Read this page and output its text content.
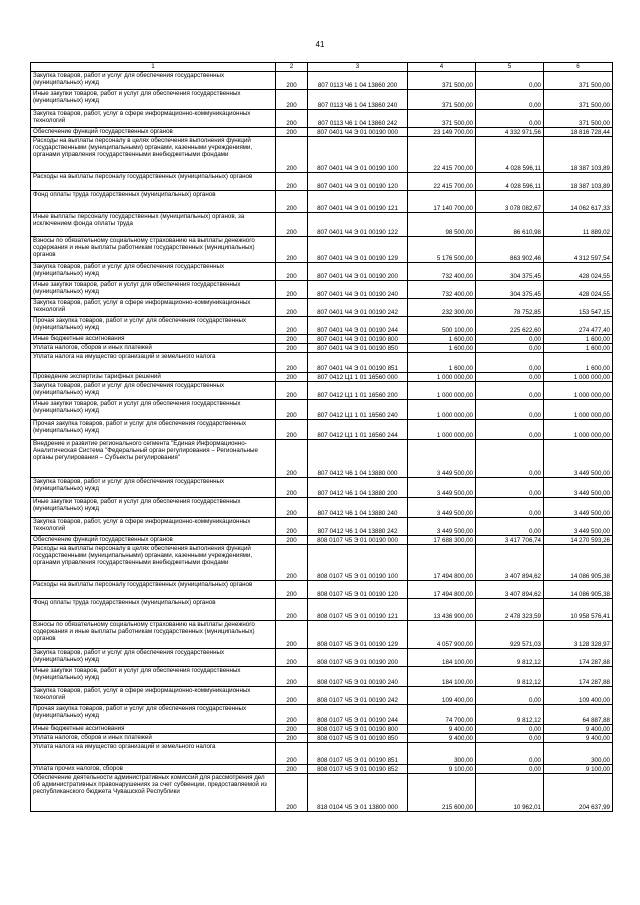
41
1	2	3	4	5	6
Закупка товаров, работ и услуг для обеспечения государственных (муниципальных) нужд	200	807 0113 Ч6 1 04 13860 200	371 500,00	0,00	371 500,00
Иные закупки товаров, работ и услуг для обеспечения государственных (муниципальных) нужд	200	807 0113 Ч6 1 04 13860 240	371 500,00	0,00	371 500,00
Закупка товаров, работ, услуг в сфере информационно-коммуникационных технологий	200	807 0113 Ч6 1 04 13860 242	371 500,00	0,00	371 500,00
Обеспечение функций государственных органов	200	807 0401 Ч4 Э 01 00190 000	23 149 700,00	4 332 971,56	18 816 728,44
Расходы на выплаты персоналу в целях обеспечения выполнения функций государственными (муниципальными) органами, казенными учреждениями, органами управления государственными внебюджетными фондами	200	807 0401 Ч4 Э 01 00190 100	22 415 700,00	4 028 596,11	18 387 103,89
Расходы на выплаты персоналу государственных (муниципальных) органов	200	807 0401 Ч4 Э 01 00190 120	22 415 700,00	4 028 596,11	18 387 103,89
Фонд оплаты труда государственных (муниципальных) органов	200	807 0401 Ч4 Э 01 00190 121	17 140 700,00	3 078 082,67	14 062 617,33
Иные выплаты персоналу государственных (муниципальных) органов, за исключением фонда оплаты труда	200	807 0401 Ч4 Э 01 00190 122	98 500,00	86 610,98	11 889,02
Взносы по обязательному социальному страхованию на выплаты денежного содержания и иные выплаты работникам государственных (муниципальных) органов	200	807 0401 Ч4 Э 01 00190 129	5 176 500,00	863 902,46	4 312 597,54
Закупка товаров, работ и услуг для обеспечения государственных (муниципальных) нужд	200	807 0401 Ч4 Э 01 00190 200	732 400,00	304 375,45	428 024,55
Иные закупки товаров, работ и услуг для обеспечения государственных (муниципальных) нужд	200	807 0401 Ч4 Э 01 00190 240	732 400,00	304 375,45	428 024,55
Закупка товаров, работ, услуг в сфере информационно-коммуникационных технологий	200	807 0401 Ч4 Э 01 00190 242	232 300,00	78 752,85	153 547,15
Прочая закупка товаров, работ и услуг для обеспечения государственных (муниципальных) нужд	200	807 0401 Ч4 Э 01 00190 244	500 100,00	225 622,60	274 477,40
Иные бюджетные ассигнования	200	807 0401 Ч4 Э 01 00190 800	1 600,00	0,00	1 600,00
Уплата налогов, сборов и иных платежей	200	807 0401 Ч4 Э 01 00190 850	1 600,00	0,00	1 600,00
Уплата налога на имущество организаций и земельного налога	200	807 0401 Ч4 Э 01 00190 851	1 600,00	0,00	1 600,00
Проведение экспертизы тарифных решений	200	807 0412 Ц1 1 01 16560 000	1 000 000,00	0,00	1 000 000,00
Закупка товаров, работ и услуг для обеспечения государственных (муниципальных) нужд	200	807 0412 Ц1 1 01 16560 200	1 000 000,00	0,00	1 000 000,00
Иные закупки товаров, работ и услуг для обеспечения государственных (муниципальных) нужд	200	807 0412 Ц1 1 01 16560 240	1 000 000,00	0,00	1 000 000,00
Прочая закупка товаров, работ и услуг для обеспечения государственных (муниципальных) нужд	200	807 0412 Ц1 1 01 16560 244	1 000 000,00	0,00	1 000 000,00
Внедрение и развитие регионального сегмента "Единая Информационно-Аналитическая Система "Федеральный орган регулирования – Региональные органы регулирования – Субъекты регулирования"	200	807 0412 Ч6 1 04 13880 000	3 449 500,00	0,00	3 449 500,00
Закупка товаров, работ и услуг для обеспечения государственных (муниципальных) нужд	200	807 0412 Ч6 1 04 13880 200	3 449 500,00	0,00	3 449 500,00
Иные закупки товаров, работ и услуг для обеспечения государственных (муниципальных) нужд	200	807 0412 Ч6 1 04 13880 240	3 449 500,00	0,00	3 449 500,00
Закупка товаров, работ, услуг в сфере информационно-коммуникационных технологий	200	807 0412 Ч6 1 04 13880 242	3 449 500,00	0,00	3 449 500,00
Обеспечение функций государственных органов	200	808 0107 Ч5 Э 01 00190 000	17 688 300,00	3 417 706,74	14 270 593,26
Расходы на выплаты персоналу в целях обеспечения выполнения функций государственными (муниципальными) органами, казенными учреждениями, органами управления государственными внебюджетными фондами	200	808 0107 Ч5 Э 01 00190 100	17 494 800,00	3 407 894,62	14 086 905,38
Расходы на выплаты персоналу государственных (муниципальных) органов	200	808 0107 Ч5 Э 01 00190 120	17 494 800,00	3 407 894,62	14 086 905,38
Фонд оплаты труда государственных (муниципальных) органов	200	808 0107 Ч5 Э 01 00190 121	13 436 900,00	2 478 323,59	10 958 576,41
Взносы по обязательному социальному страхованию на выплаты денежного содержания и иные выплаты работникам государственных (муниципальных) органов	200	808 0107 Ч5 Э 01 00190 129	4 057 900,00	929 571,03	3 128 328,97
Закупка товаров, работ и услуг для обеспечения государственных (муниципальных) нужд	200	808 0107 Ч5 Э 01 00190 200	184 100,00	9 812,12	174 287,88
Иные закупки товаров, работ и услуг для обеспечения государственных (муниципальных) нужд	200	808 0107 Ч5 Э 01 00190 240	184 100,00	9 812,12	174 287,88
Закупка товаров, работ, услуг в сфере информационно-коммуникационных технологий	200	808 0107 Ч5 Э 01 00190 242	109 400,00	0,00	109 400,00
Прочая закупка товаров, работ и услуг для обеспечения государственных (муниципальных) нужд	200	808 0107 Ч5 Э 01 00190 244	74 700,00	9 812,12	64 887,88
Иные бюджетные ассигнования	200	808 0107 Ч5 Э 01 00190 800	9 400,00	0,00	9 400,00
Уплата налогов, сборов и иных платежей	200	808 0107 Ч5 Э 01 00190 850	9 400,00	0,00	9 400,00
Уплата налога на имущество организаций и земельного налога	200	808 0107 Ч5 Э 01 00190 851	300,00	0,00	300,00
Уплата прочих налогов, сборов	200	808 0107 Ч5 Э 01 00190 852	9 100,00	0,00	9 100,00
Обеспечение деятельности административных комиссий для рассмотрения дел об административных правонарушениях за счет субвенции, предоставляемой из республиканского бюджета Чувашской Республики	200	818 0104 Ч5 Э 01 13800 000	215 600,00	10 962,01	204 637,99
